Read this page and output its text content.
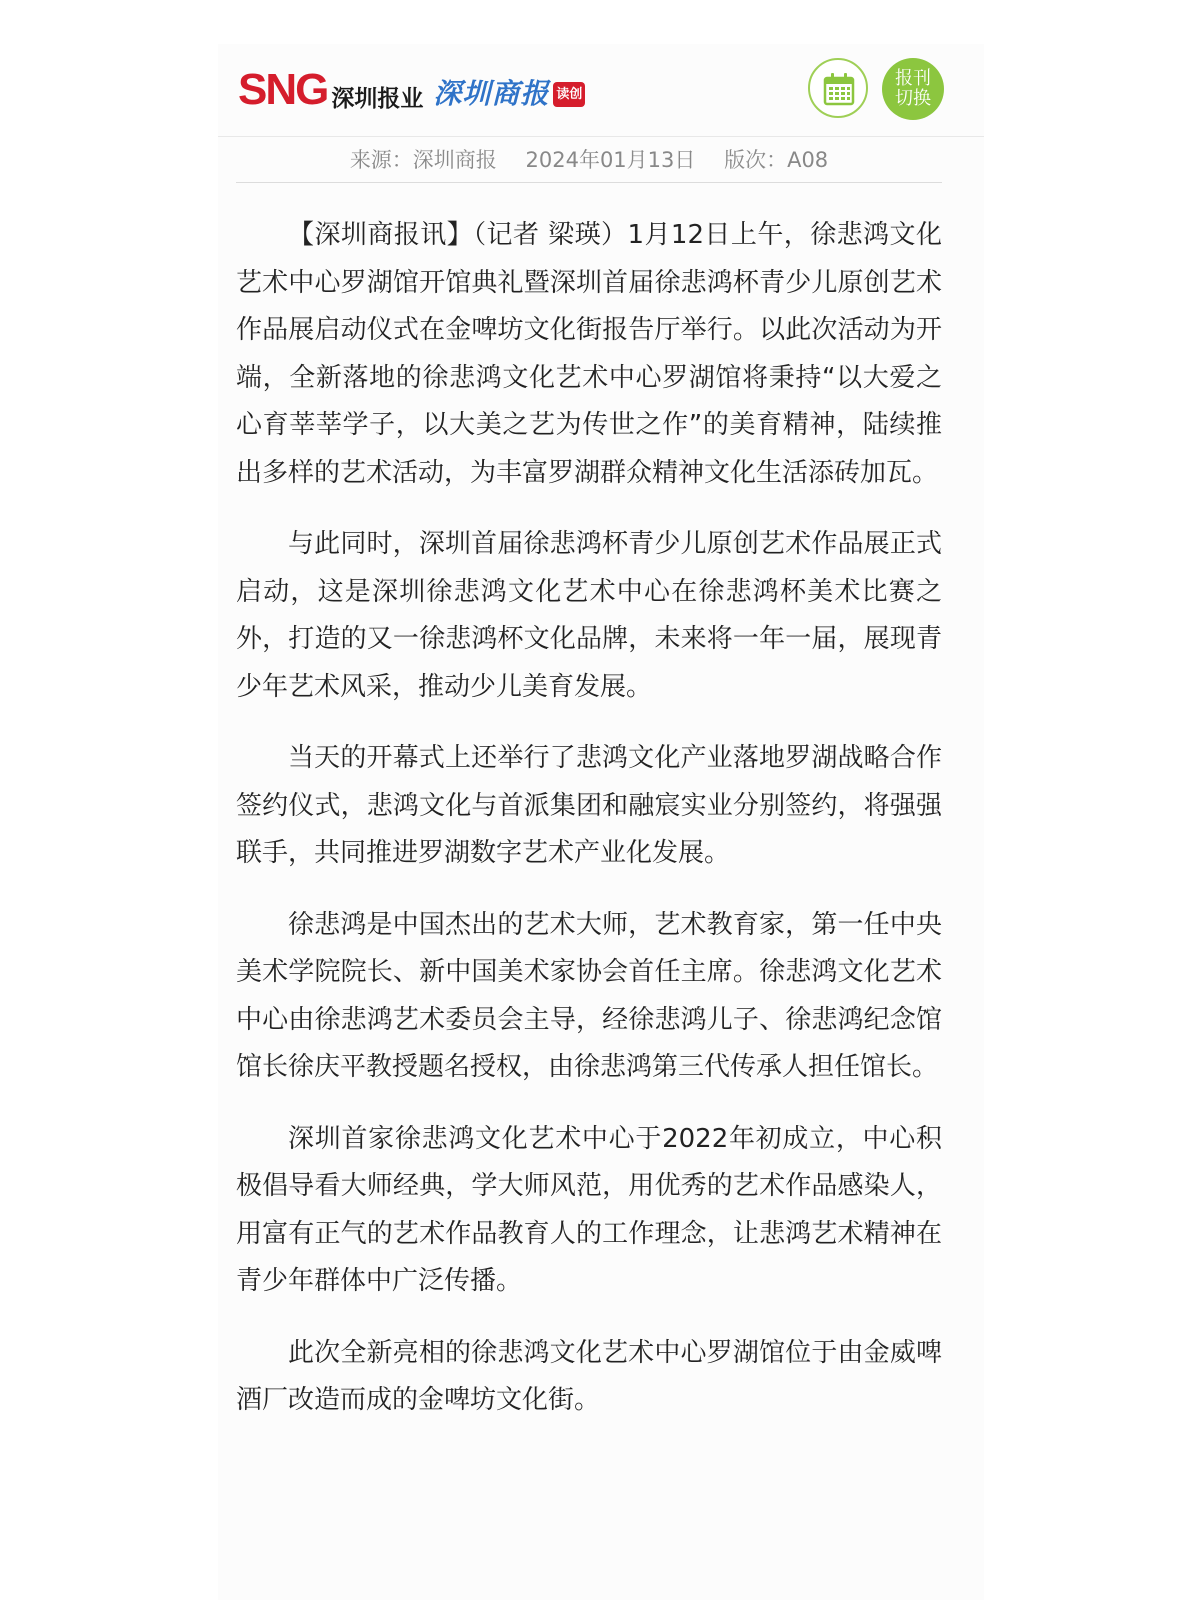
SNG 深圳报业 深圳商报 读创
报刊
切换
来源：深圳商报 2024年01月13日 版次：A08

【深圳商报讯】（记者 梁瑛）1月12日上午，徐悲鸿文化艺术中心罗湖馆开馆典礼暨深圳首届徐悲鸿杯青少儿原创艺术作品展启动仪式在金啤坊文化街报告厅举行。以此次活动为开端，全新落地的徐悲鸿文化艺术中心罗湖馆将秉持“以大爱之心育莘莘学子，以大美之艺为传世之作”的美育精神，陆续推出多样的艺术活动，为丰富罗湖群众精神文化生活添砖加瓦。

与此同时，深圳首届徐悲鸿杯青少儿原创艺术作品展正式启动，这是深圳徐悲鸿文化艺术中心在徐悲鸿杯美术比赛之外，打造的又一徐悲鸿杯文化品牌，未来将一年一届，展现青少年艺术风采，推动少儿美育发展。

当天的开幕式上还举行了悲鸿文化产业落地罗湖战略合作签约仪式，悲鸿文化与首派集团和融宸实业分别签约，将强强联手，共同推进罗湖数字艺术产业化发展。

徐悲鸿是中国杰出的艺术大师，艺术教育家，第一任中央美术学院院长、新中国美术家协会首任主席。徐悲鸿文化艺术中心由徐悲鸿艺术委员会主导，经徐悲鸿儿子、徐悲鸿纪念馆馆长徐庆平教授题名授权，由徐悲鸿第三代传承人担任馆长。

深圳首家徐悲鸿文化艺术中心于2022年初成立，中心积极倡导看大师经典，学大师风范，用优秀的艺术作品感染人，用富有正气的艺术作品教育人的工作理念，让悲鸿艺术精神在青少年群体中广泛传播。

此次全新亮相的徐悲鸿文化艺术中心罗湖馆位于由金威啤酒厂改造而成的金啤坊文化街。
